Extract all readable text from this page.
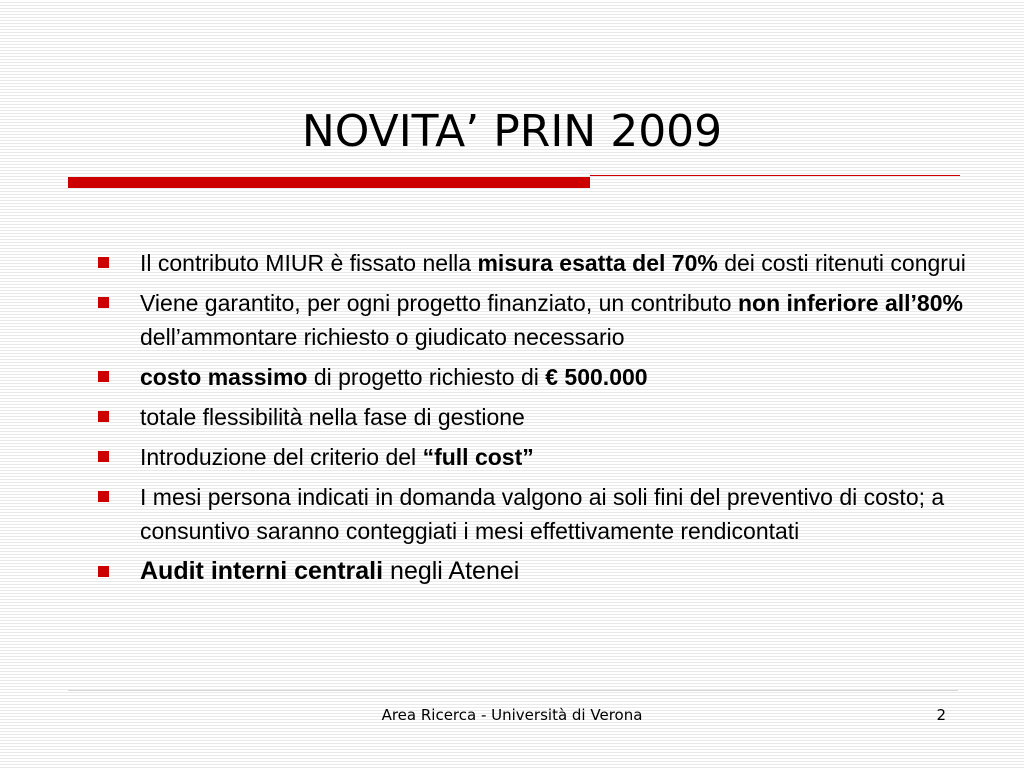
NOVITA’ PRIN 2009
Il contributo MIUR è fissato nella misura esatta del 70% dei costi ritenuti congrui
Viene garantito, per ogni progetto finanziato, un contributo non inferiore all’80% dell’ammontare richiesto o giudicato necessario
costo massimo di progetto richiesto di € 500.000
totale flessibilità nella fase di gestione
Introduzione del criterio del “full cost”
I mesi persona indicati in domanda valgono ai soli fini del preventivo di costo; a consuntivo saranno conteggiati i mesi effettivamente rendicontati
Audit interni centrali negli Atenei
Area Ricerca - Università di Verona	2
